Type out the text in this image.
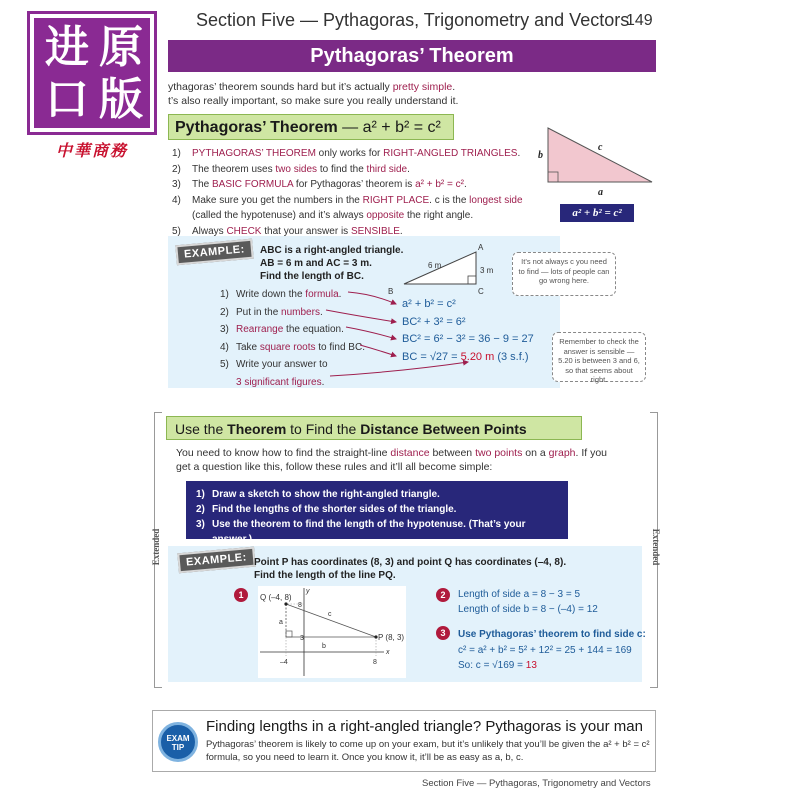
进 原
口 版
中華商務
Section Five — Pythagoras, Trigonometry and Vectors
149
Pythagoras’ Theorem
ythagoras’ theorem sounds hard but it’s actually pretty simple.
t’s also really important, so make sure you really understand it.
Pythagoras’ Theorem — a² + b² = c²
1)	PYTHAGORAS’ THEOREM only works for RIGHT-ANGLED TRIANGLES.
2)	The theorem uses two sides to find the third side.
3)	The BASIC FORMULA for Pythagoras’ theorem is a² + b² = c².
4)	Make sure you get the numbers in the RIGHT PLACE. c is the longest side (called the hypotenuse) and it’s always opposite the right angle.
5)	Always CHECK that your answer is SENSIBLE.
b
c
a
a² + b² = c²
EXAMPLE:	ABC is a right-angled triangle.
AB = 6 m and AC = 3 m.
Find the length of BC.
A
B	C
6 m
3 m
1) Write down the formula.
2) Put in the numbers.
3) Rearrange the equation.
4) Take square roots to find BC.
5) Write your answer to
3 significant figures.
a² + b² = c²
BC² + 3² = 6²
BC² = 6² − 3² = 36 − 9 = 27
BC = √27 = 5.20 m (3 s.f.)
It’s not always c you need to find — lots of people can go wrong here.
Remember to check the answer is sensible — 5.20 is between 3 and 6, so that seems about right.
Extended	Extended
Use the Theorem to Find the Distance Between Points
You need to know how to find the straight-line distance between two points on a graph. If you get a question like this, follow these rules and it’ll all become simple:
1) Draw a sketch to show the right-angled triangle.
2) Find the lengths of the shorter sides of the triangle.
3) Use the theorem to find the length of the hypotenuse. (That’s your answer.)
EXAMPLE: Point P has coordinates (8, 3) and point Q has coordinates (–4, 8).
Find the length of the line PQ.
1
x
y
Q (–4, 8)
P (8, 3)
8
3
–4	8
a
b
c
2	Length of side a = 8 − 3 = 5
Length of side b = 8 − (–4) = 12
3	Use Pythagoras’ theorem to find side c:
c² = a² + b² = 5² + 12² = 25 + 144 = 169
So: c = √169 = 13
EXAM
TIP
Finding lengths in a right-angled triangle? Pythagoras is your man
Pythagoras’ theorem is likely to come up on your exam, but it’s unlikely that you’ll be given the a² + b² = c² formula, so you need to learn it. Once you know it, it’ll be as easy as a, b, c.
Section Five — Pythagoras, Trigonometry and Vectors
